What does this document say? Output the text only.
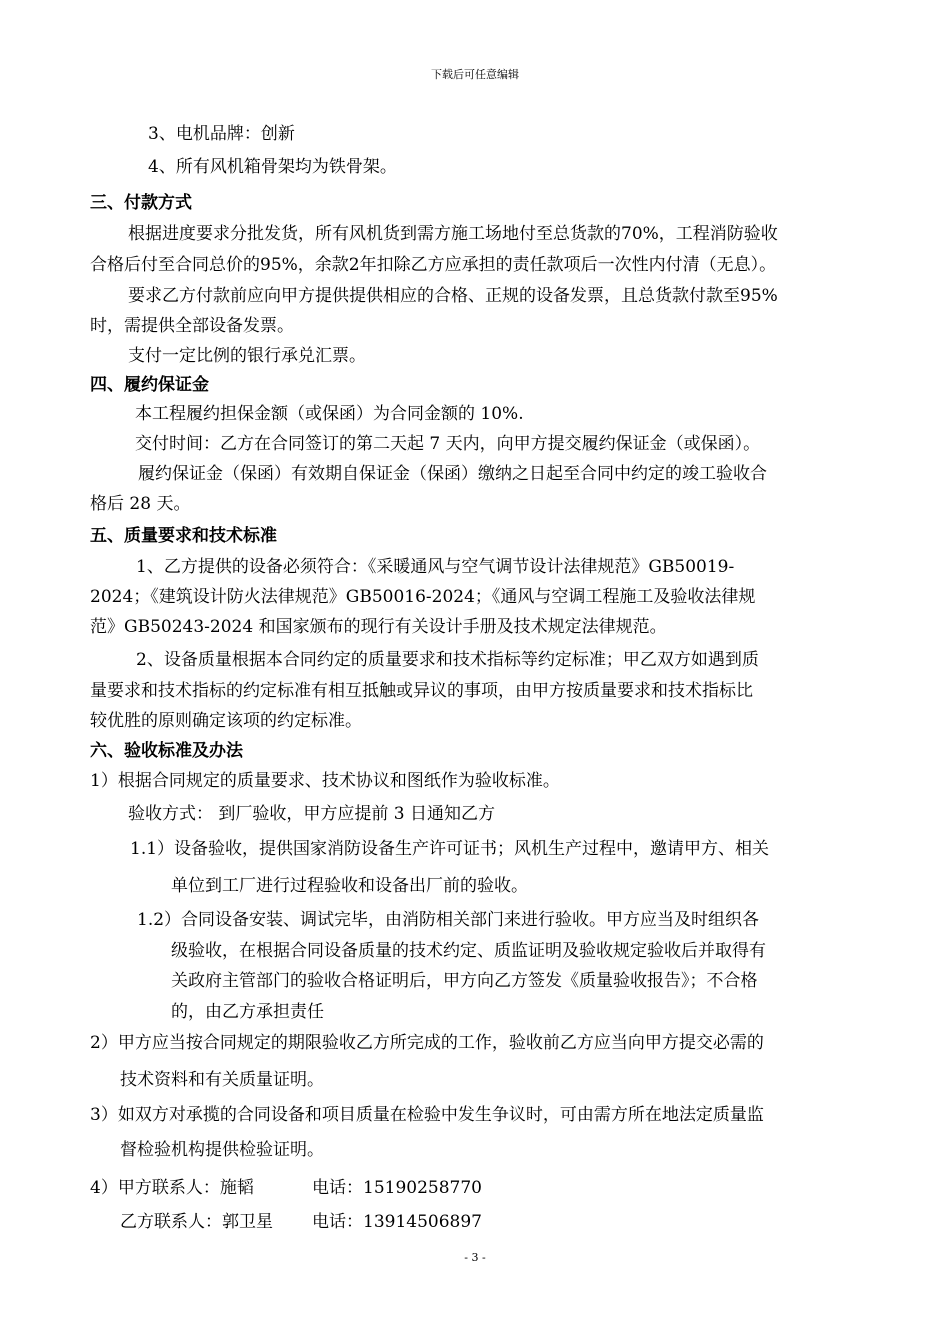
下载后可任意编辑
3、电机品牌：创新
4、所有风机箱骨架均为铁骨架。
三、付款方式
根据进度要求分批发货，所有风机货到需方施工场地付至总货款的70%，工程消防验收
合格后付至合同总价的95%，余款2年扣除乙方应承担的责任款项后一次性内付清（无息）。
要求乙方付款前应向甲方提供提供相应的合格、正规的设备发票，且总货款付款至95%
时，需提供全部设备发票。
支付一定比例的银行承兑汇票。
四、履约保证金
本工程履约担保金额（或保函）为合同金额的 10%.
交付时间：乙方在合同签订的第二天起 7 天内，向甲方提交履约保证金（或保函）。
履约保证金（保函）有效期自保证金（保函）缴纳之日起至合同中约定的竣工验收合
格后 28 天。
五、质量要求和技术标准
1、乙方提供的设备必须符合：《采暖通风与空气调节设计法律规范》GB50019-
2024；《建筑设计防火法律规范》GB50016-2024；《通风与空调工程施工及验收法律规
范》GB50243-2024 和国家颁布的现行有关设计手册及技术规定法律规范。
2、设备质量根据本合同约定的质量要求和技术指标等约定标准；甲乙双方如遇到质
量要求和技术指标的约定标准有相互抵触或异议的事项，由甲方按质量要求和技术指标比
较优胜的原则确定该项的约定标准。
六、验收标准及办法
1）根据合同规定的质量要求、技术协议和图纸作为验收标准。
验收方式： 到厂验收，甲方应提前 3 日通知乙方
1.1）设备验收，提供国家消防设备生产许可证书；风机生产过程中，邀请甲方、相关
单位到工厂进行过程验收和设备出厂前的验收。
1.2）合同设备安装、调试完毕，由消防相关部门来进行验收。甲方应当及时组织各
级验收，在根据合同设备质量的技术约定、质监证明及验收规定验收后并取得有
关政府主管部门的验收合格证明后，甲方向乙方签发《质量验收报告》；不合格
的，由乙方承担责任
2）甲方应当按合同规定的期限验收乙方所完成的工作，验收前乙方应当向甲方提交必需的
技术资料和有关质量证明。
3）如双方对承揽的合同设备和项目质量在检验中发生争议时，可由需方所在地法定质量监
督检验机构提供检验证明。
4）甲方联系人：施韬	电话：15190258770
乙方联系人：郭卫星 电话：13914506897
- 3 -
